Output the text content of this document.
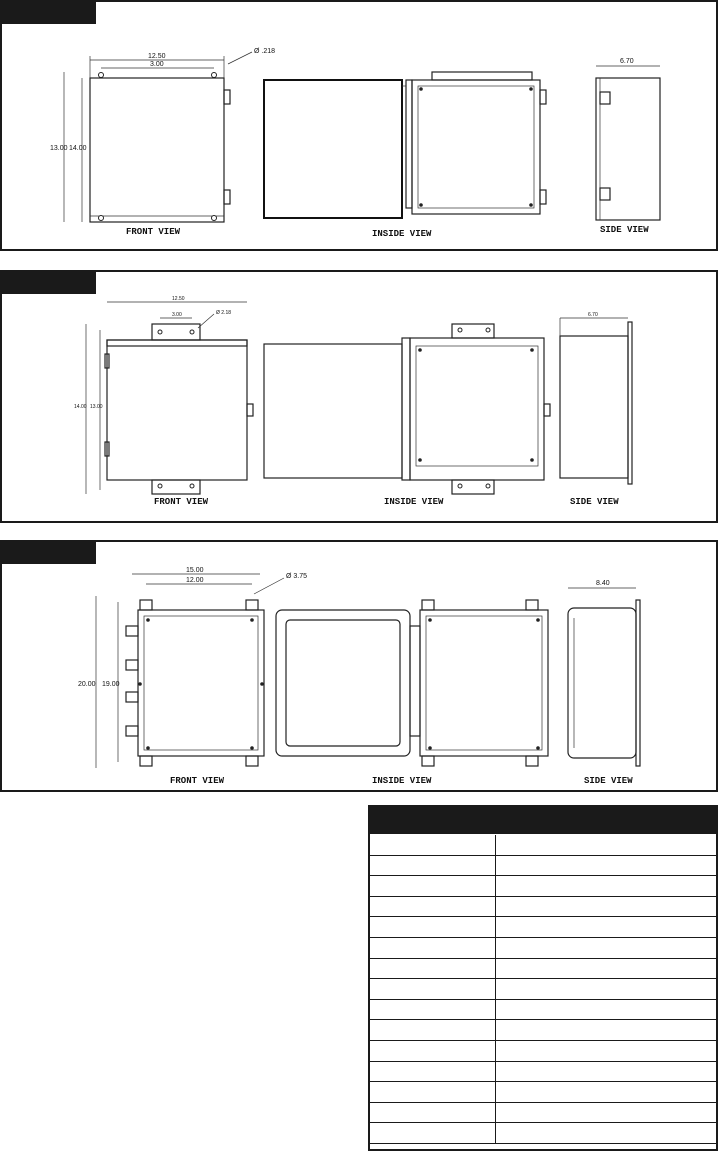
12.50
3.00
Ø .218
13.00 14.00
6.70
FRONT VIEW	INSIDE VIEW	SIDE VIEW
12.50
3.00	Ø 2.18
14.00 13.00
6.70
FRONT VIEW	INSIDE VIEW	SIDE VIEW
15.00
12.00
Ø 3.75
20.00 19.00
8.40
FRONT VIEW	INSIDE VIEW	SIDE VIEW
